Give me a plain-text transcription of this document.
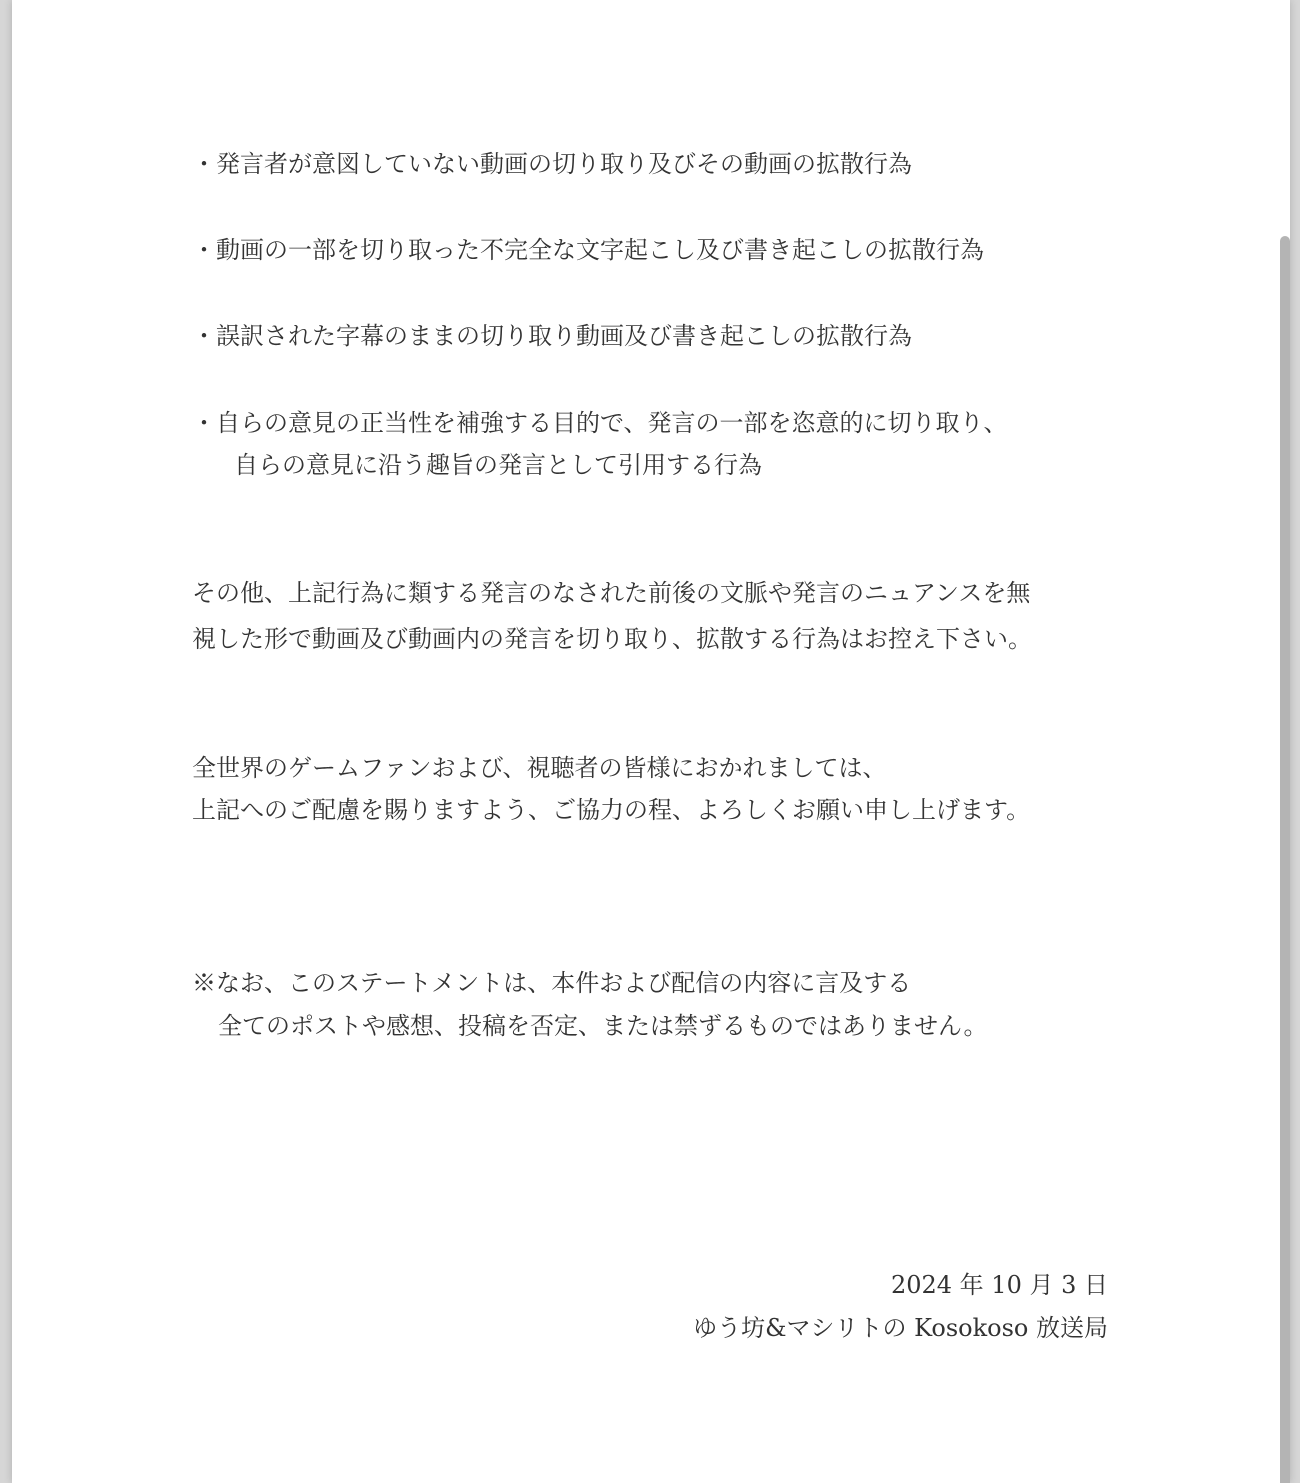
・発言者が意図していない動画の切り取り及びその動画の拡散行為
・動画の一部を切り取った不完全な文字起こし及び書き起こしの拡散行為
・誤訳された字幕のままの切り取り動画及び書き起こしの拡散行為
・自らの意見の正当性を補強する目的で、発言の一部を恣意的に切り取り、
自らの意見に沿う趣旨の発言として引用する行為
その他、上記行為に類する発言のなされた前後の文脈や発言のニュアンスを無
視した形で動画及び動画内の発言を切り取り、拡散する行為はお控え下さい。
全世界のゲームファンおよび、視聴者の皆様におかれましては、
上記へのご配慮を賜りますよう、ご協力の程、よろしくお願い申し上げます。
※なお、このステートメントは、本件および配信の内容に言及する
全てのポストや感想、投稿を否定、または禁ずるものではありません。
2024 年 10 月 3 日
ゆう坊&マシリトの Kosokoso 放送局
